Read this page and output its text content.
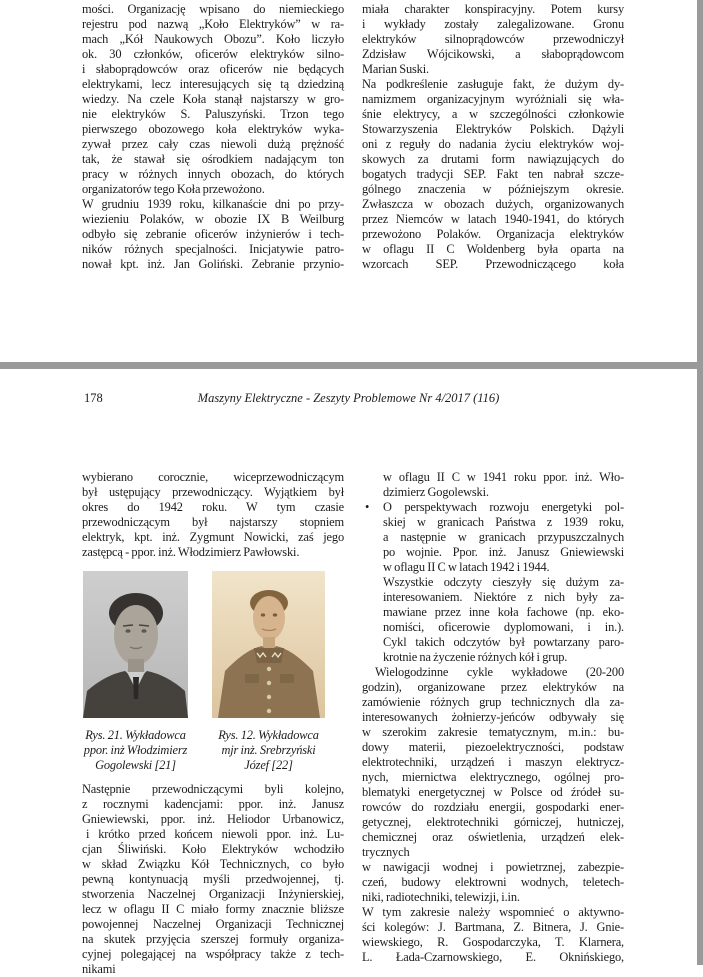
mości. Organizację wpisano do niemieckiego
rejestru pod nazwą „Koło Elektryków” w ra-
mach „Kół Naukowych Obozu”. Koło liczyło
ok. 30 członków, oficerów elektryków silno-
i słaboprądowców oraz oficerów nie będących
elektrykami, lecz interesujących się tą dziedziną
wiedzy. Na czele Koła stanął najstarszy w gro-
nie elektryków S. Paluszyński. Trzon tego
pierwszego obozowego koła elektryków wyka-
zywał przez cały czas niewoli dużą prężność
tak, że stawał się ośrodkiem nadającym ton
pracy w różnych innych obozach, do których
organizatorów tego Koła przewożono.
W grudniu 1939 roku, kilkanaście dni po przy-
wiezieniu Polaków, w obozie IX B Weilburg
odbyło się zebranie oficerów inżynierów i tech-
ników różnych specjalności. Inicjatywie patro-
nował kpt. inż. Jan Goliński. Zebranie przynio-
miała charakter konspiracyjny. Potem kursy
i wykłady zostały zalegalizowane. Gronu
elektryków silnoprądowców przewodniczył
Zdzisław Wójcikowski, a słaboprądowcom
Marian Suski.
Na podkreślenie zasługuje fakt, że dużym dy-
namizmem organizacyjnym wyróżniali się wła-
śnie elektrycy, a w szczególności członkowie
Stowarzyszenia Elektryków Polskich. Dążyli
oni z reguły do nadania życiu elektryków woj-
skowych za drutami form nawiązujących do
bogatych tradycji SEP. Fakt ten nabrał szcze-
gólnego znaczenia w późniejszym okresie.
Zwłaszcza w obozach dużych, organizowanych
przez Niemców w latach 1940-1941, do których
przewożono Polaków. Organizacja elektryków
w oflagu II C Woldenberg była oparta na
wzorcach SEP. Przewodniczącego koła
178	Maszyny Elektryczne - Zeszyty Problemowe Nr 4/2017 (116)
wybierano corocznie, wiceprzewodniczącym
był ustępujący przewodniczący. Wyjątkiem był
okres do 1942 roku. W tym czasie
przewodniczącym był najstarszy stopniem
elektryk, kpt. inż. Zygmunt Nowicki, zaś jego
zastępcą - ppor. inż. Włodzimierz Pawłowski.
Rys. 21. Wykładowca
ppor. inż Włodzimierz
Gogolewski [21]
Rys. 12. Wykładowca
mjr inż. Srebrzyński
Józef [22]
Następnie przewodniczącymi byli kolejno,
z rocznymi kadencjami: ppor. inż. Janusz
Gniewiewski, ppor. inż. Heliodor Urbanowicz,
i krótko przed końcem niewoli ppor. inż. Lu-
cjan Śliwiński. Koło Elektryków wchodziło
w skład Związku Kół Technicznych, co było
pewną kontynuacją myśli przedwojennej, tj.
stworzenia Naczelnej Organizacji Inżynierskiej,
lecz w oflagu II C miało formy znacznie bliższe
powojennej Naczelnej Organizacji Technicznej
na skutek przyjęcia szerszej formuły organiza-
cyjnej polegającej na współpracy także z tech-
nikami
w oflagu II C w 1941 roku ppor. inż. Wło-
dzimierz Gogolewski.
• O perspektywach rozwoju energetyki pol-
skiej w granicach Państwa z 1939 roku,
a następnie w granicach przypuszczalnych
po wojnie. Ppor. inż. Janusz Gniewiewski
w oflagu II C w latach 1942 i 1944.
Wszystkie odczyty cieszyły się dużym za-
interesowaniem. Niektóre z nich były za-
mawiane przez inne koła fachowe (np. eko-
nomiści, oficerowie dyplomowani, i in.).
Cykl takich odczytów był powtarzany paro-
krotnie na życzenie różnych kół i grup.
Wielogodzinne cykle wykładowe (20-200
godzin), organizowane przez elektryków na
zamówienie różnych grup technicznych dla za-
interesowanych żołnierzy-jeńców odbywały się
w szerokim zakresie tematycznym, m.in.: bu-
dowy materii, piezoelektryczności, podstaw
elektrotechniki, urządzeń i maszyn elektrycz-
nych, miernictwa elektrycznego, ogólnej pro-
blematyki energetycznej w Polsce od źródeł su-
rowców do rozdziału energii, gospodarki ener-
getycznej, elektrotechniki górniczej, hutniczej,
chemicznej oraz oświetlenia, urządzeń elek-
trycznych
w nawigacji wodnej i powietrznej, zabezpie-
czeń, budowy elektrowni wodnych, teletech-
niki, radiotechniki, telewizji, i.in.
W tym zakresie należy wspomnieć o aktywno-
ści kolegów: J. Bartmana, Z. Bitnera, J. Gnie-
wiewskiego, R. Gospodarczyka, T. Klarnera,
L. Łada-Czarnowskiego, E. Oknińskiego,
